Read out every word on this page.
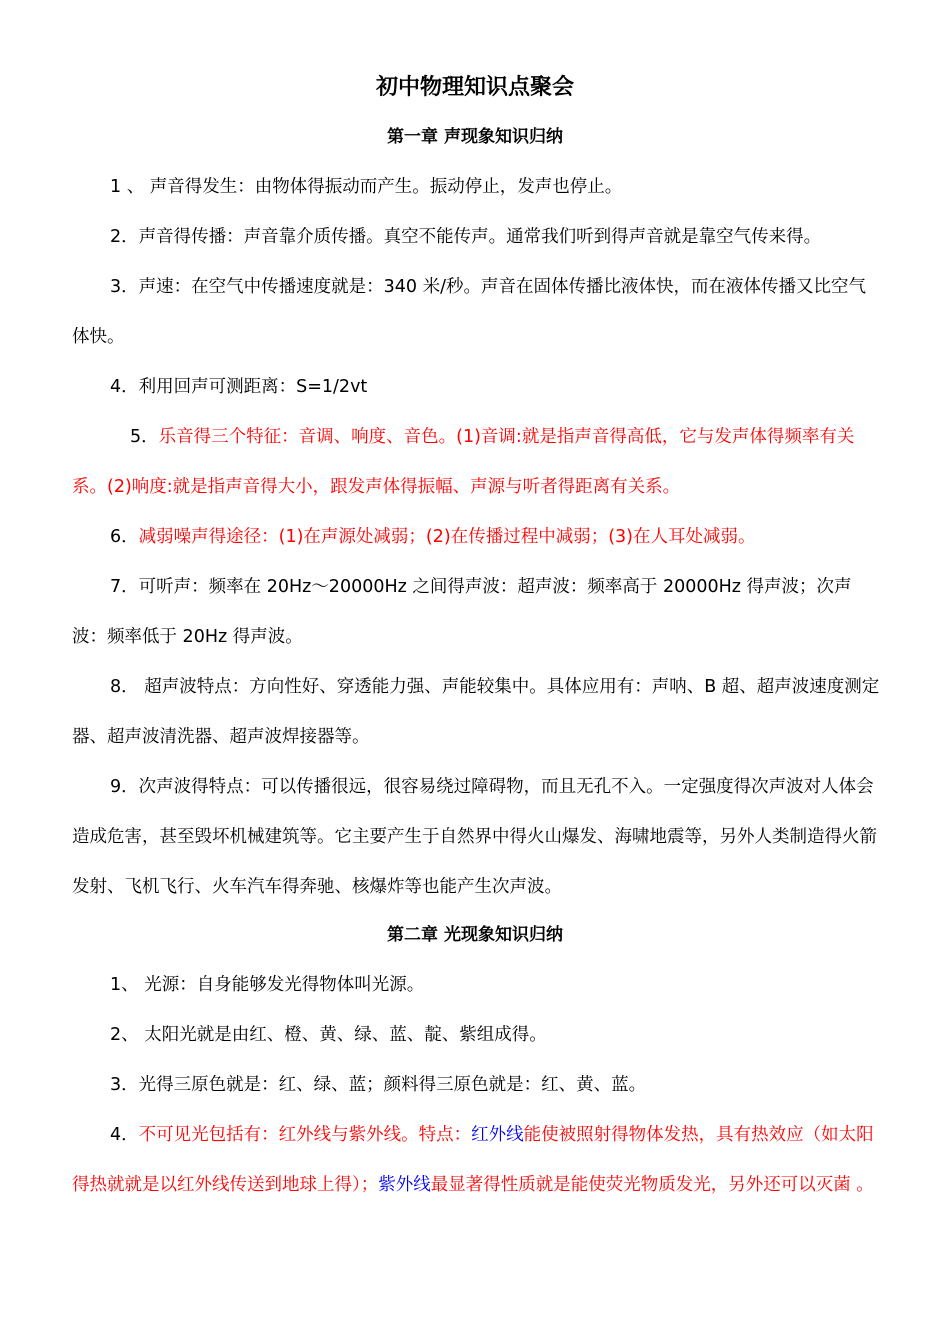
初中物理知识点聚会
第一章 声现象知识归纳
1 、 声音得发生：由物体得振动而产生。振动停止，发声也停止。
2．声音得传播：声音靠介质传播。真空不能传声。通常我们听到得声音就是靠空气传来得。
3．声速：在空气中传播速度就是：340 米/秒。声音在固体传播比液体快，而在液体传播又比空气体快。
4．利用回声可测距离：S=1/2vt
5．乐音得三个特征：音调、响度、音色。(1)音调:就是指声音得高低，它与发声体得频率有关系。(2)响度:就是指声音得大小，跟发声体得振幅、声源与听者得距离有关系。
6．减弱噪声得途径：(1)在声源处减弱；(2)在传播过程中减弱；(3)在人耳处减弱。
7．可听声：频率在 20Hz～20000Hz 之间得声波：超声波：频率高于 20000Hz 得声波；次声波：频率低于 20Hz 得声波。
8． 超声波特点：方向性好、穿透能力强、声能较集中。具体应用有：声呐、B 超、超声波速度测定器、超声波清洗器、超声波焊接器等。
9．次声波得特点：可以传播很远，很容易绕过障碍物，而且无孔不入。一定强度得次声波对人体会造成危害，甚至毁坏机械建筑等。它主要产生于自然界中得火山爆发、海啸地震等，另外人类制造得火箭发射、飞机飞行、火车汽车得奔驰、核爆炸等也能产生次声波。
第二章 光现象知识归纳
1、 光源：自身能够发光得物体叫光源。
2、 太阳光就是由红、橙、黄、绿、蓝、靛、紫组成得。
3．光得三原色就是：红、绿、蓝；颜料得三原色就是：红、黄、蓝。
4．不可见光包括有：红外线与紫外线。特点：红外线能使被照射得物体发热，具有热效应（如太阳得热就就是以红外线传送到地球上得）；紫外线最显著得性质就是能使荧光物质发光，另外还可以灭菌 。
